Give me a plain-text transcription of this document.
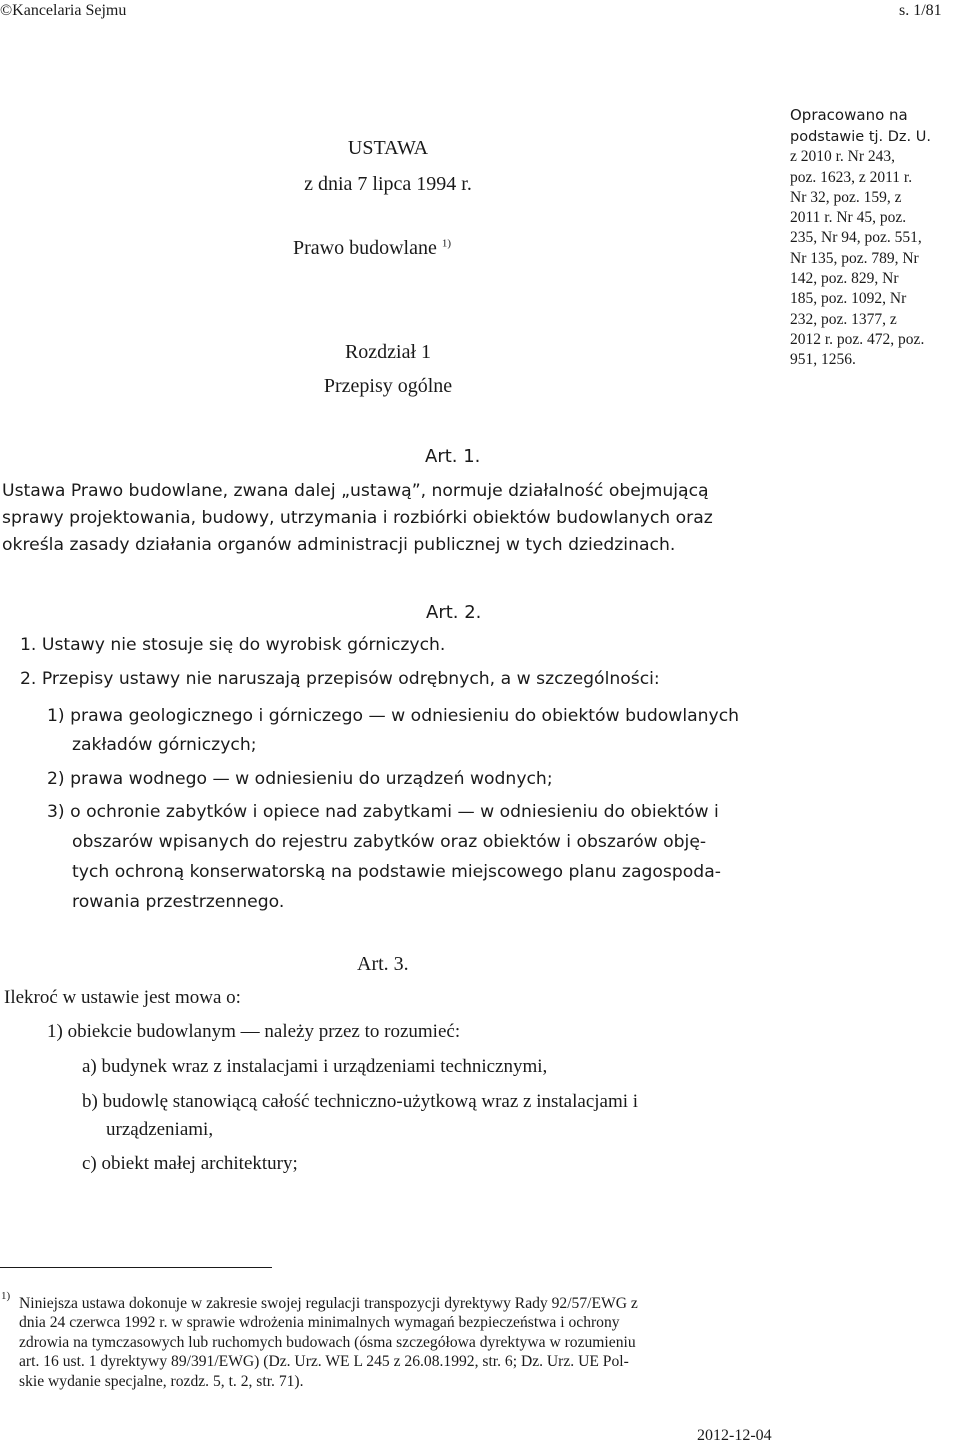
©Kancelaria Sejmu	s. 1/81
USTAWA
z dnia 7 lipca 1994 r.
Prawo budowlane $^{1)}$
Rozdział 1
Przepisy ogólne
Opracowano na
podstawie tj. Dz. U.
z 2010 r. Nr 243,
poz. 1623, z 2011 r.
Nr 32, poz. 159, z
2011 r. Nr 45, poz.
235, Nr 94, poz. 551,
Nr 135, poz. 789, Nr
142, poz. 829, Nr
185, poz. 1092, Nr
232, poz. 1377, z
2012 r. poz. 472, poz.
951, 1256.
Art. 1.
Ustawa Prawo budowlane, zwana dalej „ustawą”, normuje działalność obejmującą
sprawy projektowania, budowy, utrzymania i rozbiórki obiektów budowlanych oraz
określa zasady działania organów administracji publicznej w tych dziedzinach.
Art. 2.
1. Ustawy nie stosuje się do wyrobisk górniczych.
2. Przepisy ustawy nie naruszają przepisów odrębnych, a w szczególności:
1) prawa geologicznego i górniczego — w odniesieniu do obiektów budowlanych
zakładów górniczych;
2) prawa wodnego — w odniesieniu do urządzeń wodnych;
3) o ochronie zabytków i opiece nad zabytkami — w odniesieniu do obiektów i
obszarów wpisanych do rejestru zabytków oraz obiektów i obszarów obję-
tych ochroną konserwatorską na podstawie miejscowego planu zagospoda-
rowania przestrzennego.
Art. 3.
Ilekroć w ustawie jest mowa o:
1) obiekcie budowlanym — należy przez to rozumieć:
a) budynek wraz z instalacjami i urządzeniami technicznymi,
b) budowlę stanowiącą całość techniczno-użytkową wraz z instalacjami i
urządzeniami,
c) obiekt małej architektury;
1) Niniejsza ustawa dokonuje w zakresie swojej regulacji transpozycji dyrektywy Rady 92/57/EWG z
dnia 24 czerwca 1992 r. w sprawie wdrożenia minimalnych wymagań bezpieczeństwa i ochrony
zdrowia na tymczasowych lub ruchomych budowach (ósma szczegółowa dyrektywa w rozumieniu
art. 16 ust. 1 dyrektywy 89/391/EWG) (Dz. Urz. WE L 245 z 26.08.1992, str. 6; Dz. Urz. UE Pol-
skie wydanie specjalne, rozdz. 5, t. 2, str. 71).
2012-12-04
